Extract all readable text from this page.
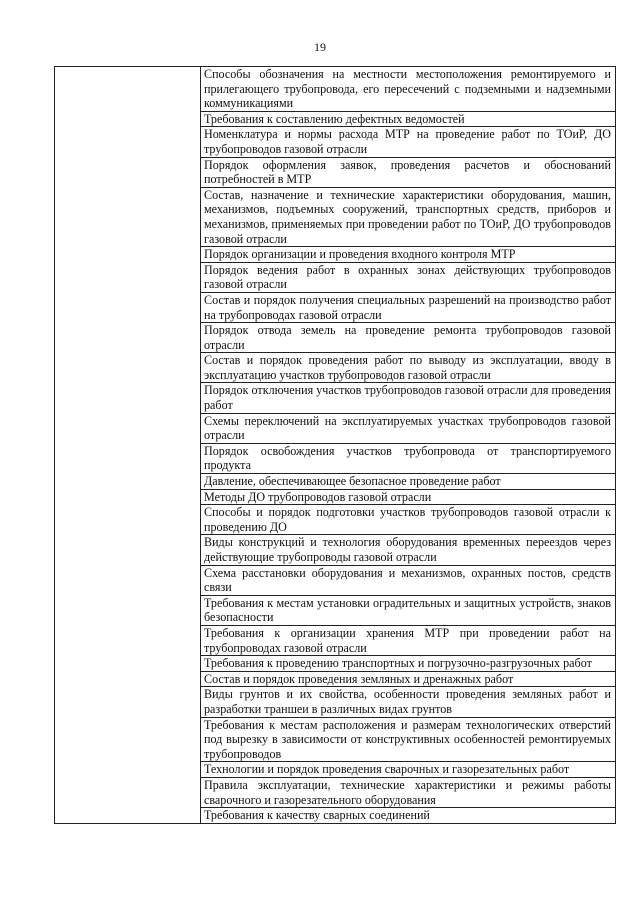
19
	Способы обозначения на местности местоположения ремонтируемого и прилегающего трубопровода, его пересечений с подземными и надземными коммуникациями
Требования к составлению дефектных ведомостей
Номенклатура и нормы расхода МТР на проведение работ по ТОиР, ДО трубопроводов газовой отрасли
Порядок оформления заявок, проведения расчетов и обоснований потребностей в МТР
Состав, назначение и технические характеристики оборудования, машин, механизмов, подъемных сооружений, транспортных средств, приборов и механизмов, применяемых при проведении работ по ТОиР, ДО трубопроводов газовой отрасли
Порядок организации и проведения входного контроля МТР
Порядок ведения работ в охранных зонах действующих трубопроводов газовой отрасли
Состав и порядок получения специальных разрешений на производство работ на трубопроводах газовой отрасли
Порядок отвода земель на проведение ремонта трубопроводов газовой отрасли
Состав и порядок проведения работ по выводу из эксплуатации, вводу в эксплуатацию участков трубопроводов газовой отрасли
Порядок отключения участков трубопроводов газовой отрасли для проведения работ
Схемы переключений на эксплуатируемых участках трубопроводов газовой отрасли
Порядок освобождения участков трубопровода от транспортируемого продукта
Давление, обеспечивающее безопасное проведение работ
Методы ДО трубопроводов газовой отрасли
Способы и порядок подготовки участков трубопроводов газовой отрасли к проведению ДО
Виды конструкций и технология оборудования временных переездов через действующие трубопроводы газовой отрасли
Схема расстановки оборудования и механизмов, охранных постов, средств связи
Требования к местам установки оградительных и защитных устройств, знаков безопасности
Требования к организации хранения МТР при проведении работ на трубопроводах газовой отрасли
Требования к проведению транспортных и погрузочно-разгрузочных работ
Состав и порядок проведения земляных и дренажных работ
Виды грунтов и их свойства, особенности проведения земляных работ и разработки траншеи в различных видах грунтов
Требования к местам расположения и размерам технологических отверстий под вырезку в зависимости от конструктивных особенностей ремонтируемых трубопроводов
Технологии и порядок проведения сварочных и газорезательных работ
Правила эксплуатации, технические характеристики и режимы работы сварочного и газорезательного оборудования
Требования к качеству сварных соединений
